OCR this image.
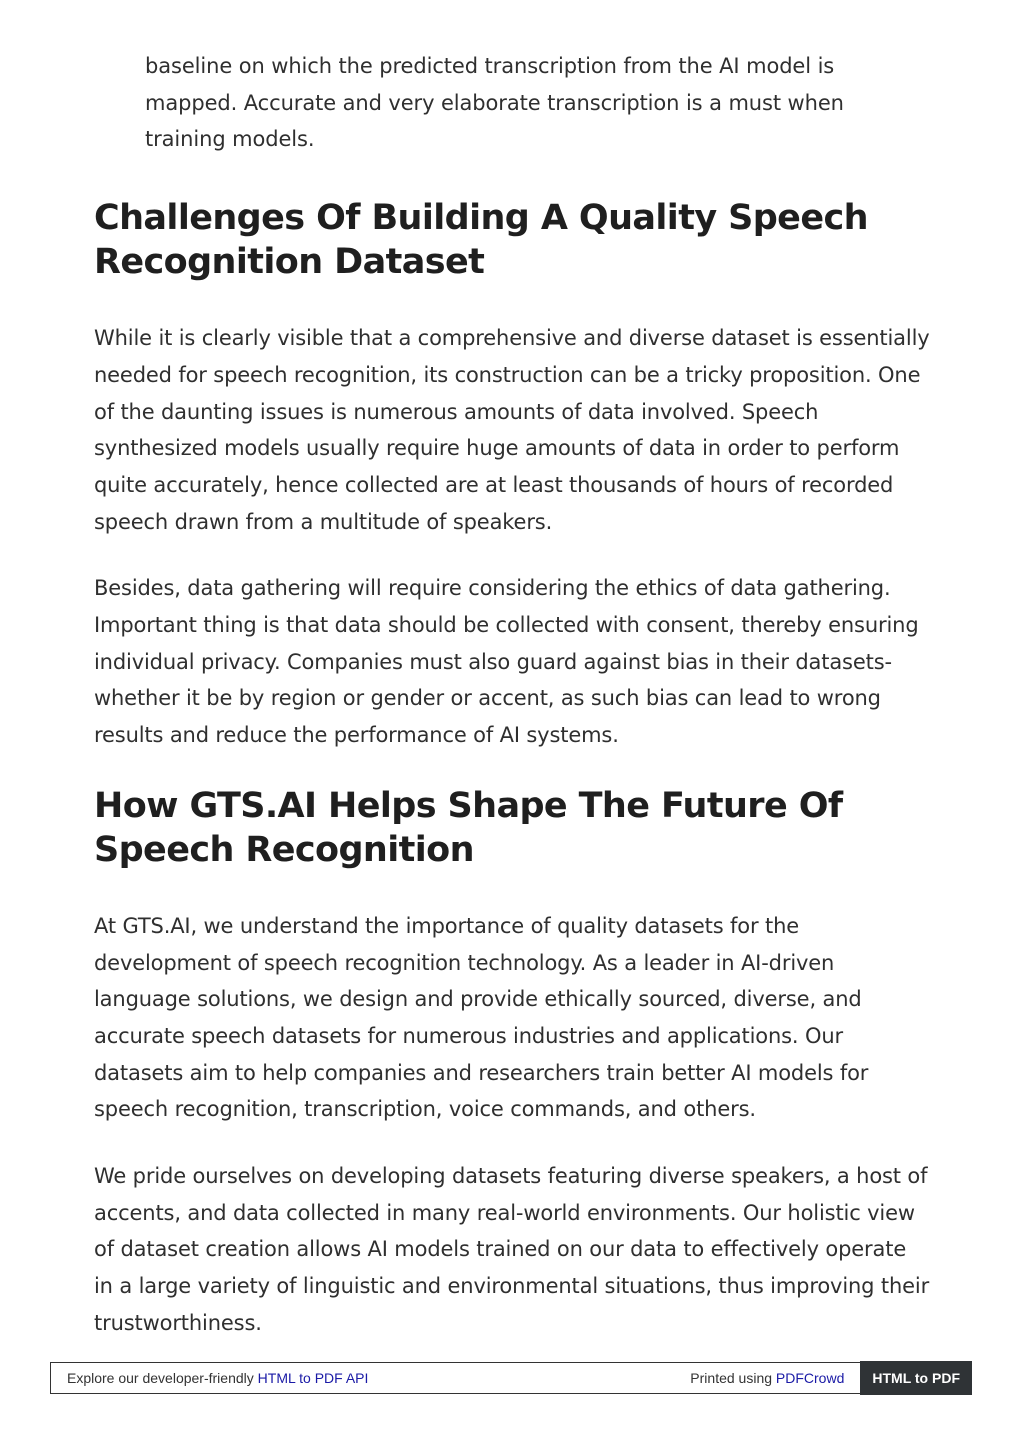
baseline on which the predicted transcription from the AI model is mapped. Accurate and very elaborate transcription is a must when training models.

Challenges Of Building A Quality Speech Recognition Dataset

While it is clearly visible that a comprehensive and diverse dataset is essentially needed for speech recognition, its construction can be a tricky proposition. One of the daunting issues is numerous amounts of data involved. Speech synthesized models usually require huge amounts of data in order to perform quite accurately, hence collected are at least thousands of hours of recorded speech drawn from a multitude of speakers.

Besides, data gathering will require considering the ethics of data gathering. Important thing is that data should be collected with consent, thereby ensuring individual privacy. Companies must also guard against bias in their datasets-whether it be by region or gender or accent, as such bias can lead to wrong results and reduce the performance of AI systems.

How GTS.AI Helps Shape The Future Of Speech Recognition

At GTS.AI, we understand the importance of quality datasets for the development of speech recognition technology. As a leader in AI-driven language solutions, we design and provide ethically sourced, diverse, and accurate speech datasets for numerous industries and applications. Our datasets aim to help companies and researchers train better AI models for speech recognition, transcription, voice commands, and others.

We pride ourselves on developing datasets featuring diverse speakers, a host of accents, and data collected in many real-world environments. Our holistic view of dataset creation allows AI models trained on our data to effectively operate in a large variety of linguistic and environmental situations, thus improving their trustworthiness.

Explore our developer-friendly HTML to PDF API	Printed using PDFCrowd	HTML to PDF
